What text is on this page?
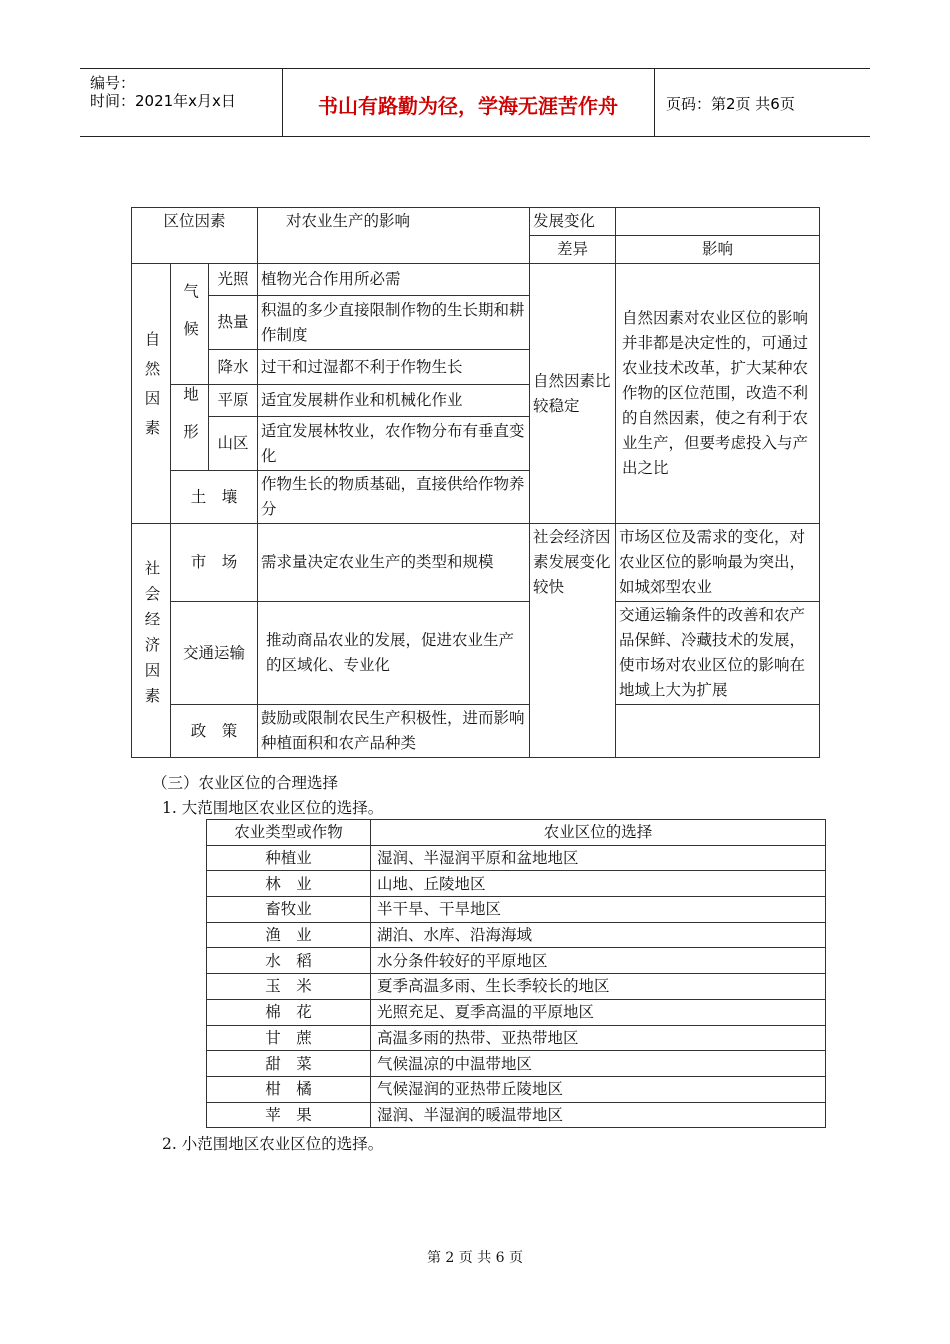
编号：
时间：2021年x月x日	书山有路勤为径，学海无涯苦作舟	页码：第2页 共6页
区位因素			对农业生产的影响	发展变化	
				差异	影响
自然因素	气候	光照	植物光合作用所必需	自然因素比较稳定	自然因素对农业区位的影响并非都是决定性的，可通过农业技术改革，扩大某种农作物的区位范围，改造不利的自然因素，使之有利于农业生产，但要考虑投入与产出之比
		热量	积温的多少直接限制作物的生长期和耕作制度		
		降水	过干和过湿都不利于作物生长		
	地形	平原	适宜发展耕作业和机械化作业		
		山区	适宜发展林牧业，农作物分布有垂直变化		
	土　壤		作物生长的物质基础，直接供给作物养分		
社会经济因素	市　场		需求量决定农业生产的类型和规模	社会经济因素发展变化较快	市场区位及需求的变化，对农业区位的影响最为突出，如城郊型农业
	交通运输		推动商品农业的发展，促进农业生产的区域化、专业化		交通运输条件的改善和农产品保鲜、冷藏技术的发展，使市场对农业区位的影响在地域上大为扩展
	政　策		鼓励或限制农民生产积极性，进而影响种植面积和农产品种类		
（三）农业区位的合理选择
1. 大范围地区农业区位的选择。
农业类型或作物	农业区位的选择
种植业	湿润、半湿润平原和盆地地区
林　业	山地、丘陵地区
畜牧业	半干旱、干旱地区
渔　业	湖泊、水库、沿海海域
水　稻	水分条件较好的平原地区
玉　米	夏季高温多雨、生长季较长的地区
棉　花	光照充足、夏季高温的平原地区
甘　蔗	高温多雨的热带、亚热带地区
甜　菜	气候温凉的中温带地区
柑　橘	气候湿润的亚热带丘陵地区
苹　果	湿润、半湿润的暖温带地区
2. 小范围地区农业区位的选择。
第 2 页 共 6 页
